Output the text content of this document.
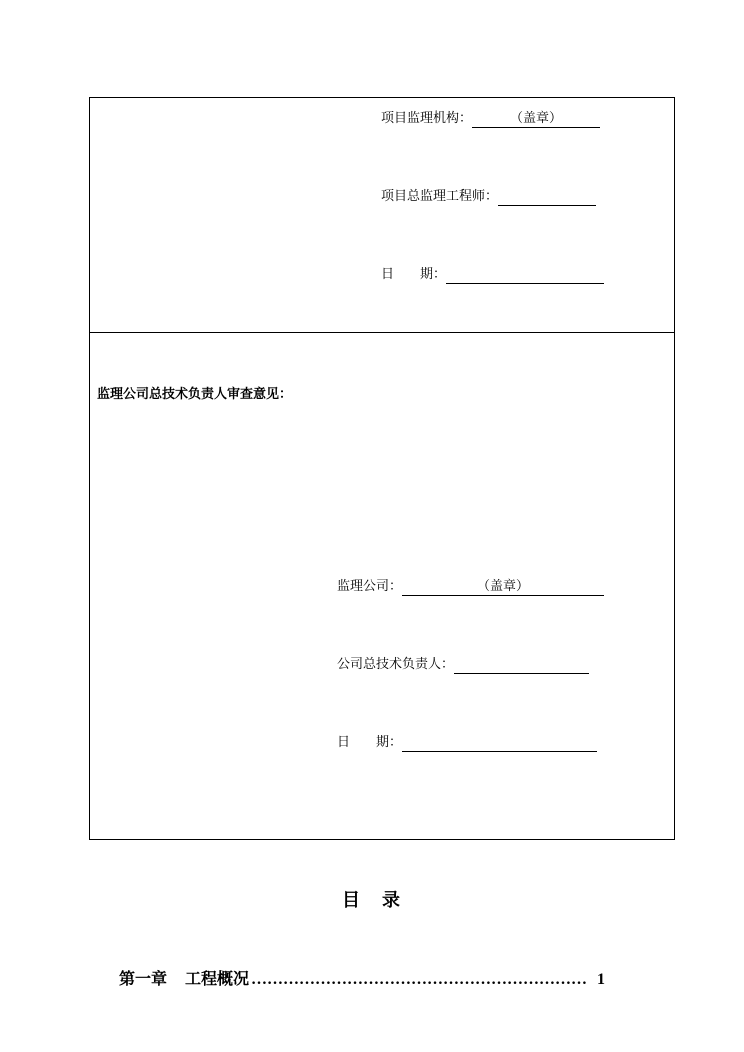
项目监理机构：	（盖章）
项目总监理工程师：
日　　期：
监理公司总技术负责人审查意见：
监理公司：	（盖章）
公司总技术负责人：
日　　期：
目　录
第一章 工程概况 ……………………………………………………… 1
